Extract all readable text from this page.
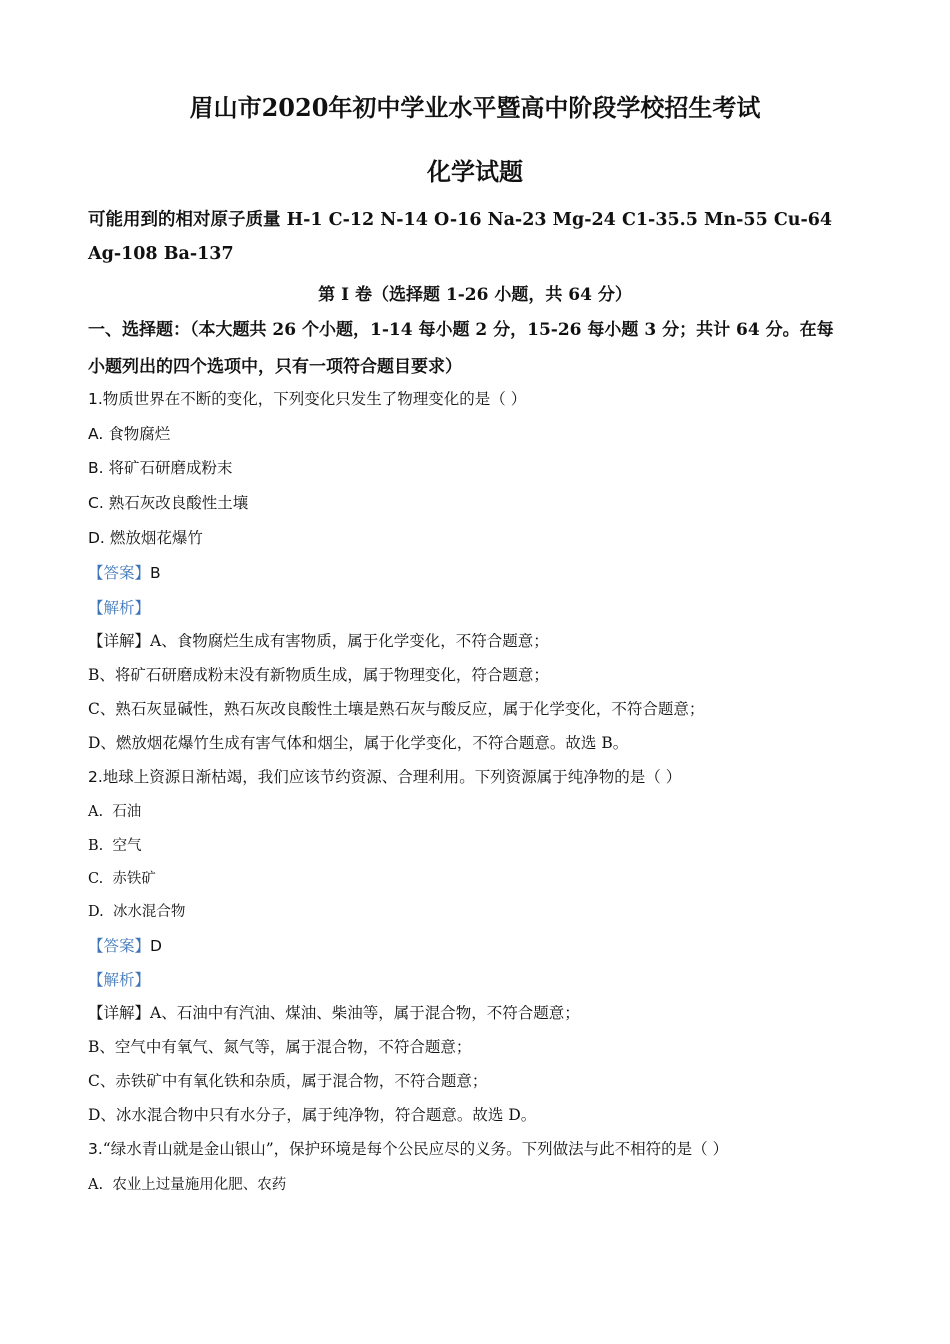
眉山市2020年初中学业水平暨高中阶段学校招生考试
化学试题
可能用到的相对原子质量 H-1 C-12 N-14 O-16 Na-23 Mg-24 C1-35.5 Mn-55 Cu-64
Ag-108 Ba-137
第 I 卷（选择题 1-26 小题，共 64 分）
一、选择题：（本大题共 26 个小题，1-14 每小题 2 分，15-26 每小题 3 分；共计 64 分。在每
小题列出的四个选项中，只有一项符合题目要求）
1.物质世界在不断的变化，下列变化只发生了物理变化的是（ ）
A. 食物腐烂
B. 将矿石研磨成粉末
C. 熟石灰改良酸性土壤
D. 燃放烟花爆竹
【答案】B
【解析】
【详解】A、食物腐烂生成有害物质，属于化学变化，不符合题意；
B、将矿石研磨成粉末没有新物质生成，属于物理变化，符合题意；
C、熟石灰显碱性，熟石灰改良酸性土壤是熟石灰与酸反应，属于化学变化，不符合题意；
D、燃放烟花爆竹生成有害气体和烟尘，属于化学变化，不符合题意。故选 B。
2.地球上资源日渐枯竭，我们应该节约资源、合理利用。下列资源属于纯净物的是（ ）
A. 石油
B. 空气
C. 赤铁矿
D. 冰水混合物
【答案】D
【解析】
【详解】A、石油中有汽油、煤油、柴油等，属于混合物，不符合题意；
B、空气中有氧气、氮气等，属于混合物，不符合题意；
C、赤铁矿中有氧化铁和杂质，属于混合物，不符合题意；
D、冰水混合物中只有水分子，属于纯净物，符合题意。故选 D。
3.“绿水青山就是金山银山”，保护环境是每个公民应尽的义务。下列做法与此不相符的是（ ）
A. 农业上过量施用化肥、农药
